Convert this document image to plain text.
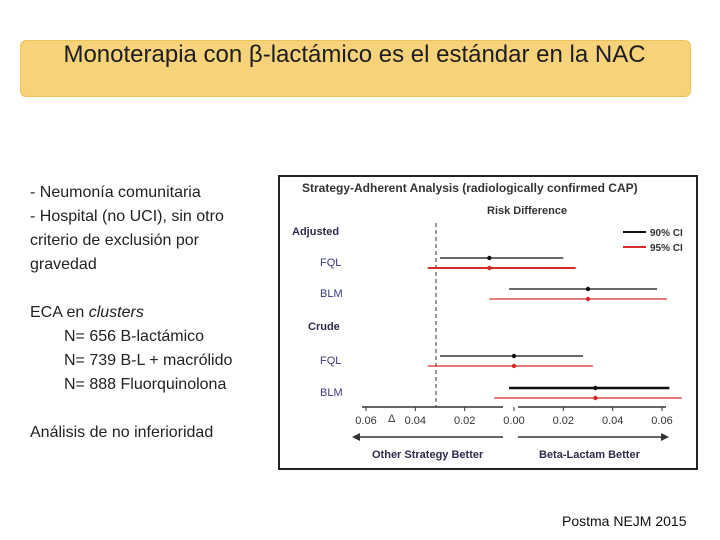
Monoterapia con β-lactámico es el estándar en la NAC
- Neumonía comunitaria
- Hospital (no UCI), sin otro
criterio de exclusión por
gravedad
ECA en clusters
N= 656 B-lactámico
N= 739 B-L + macrólido
N= 888 Fluorquinolona
Análisis de no inferioridad
Strategy-Adherent Analysis (radiologically confirmed CAP)
Risk Difference
Adjusted
Crude
FQL
BLM
FQL
BLM
90% CI
95% CI
0.06	0.04	0.02	0.00	0.02	0.04	0.06
Δ
Other Strategy Better	Beta-Lactam Better
Postma NEJM 2015
